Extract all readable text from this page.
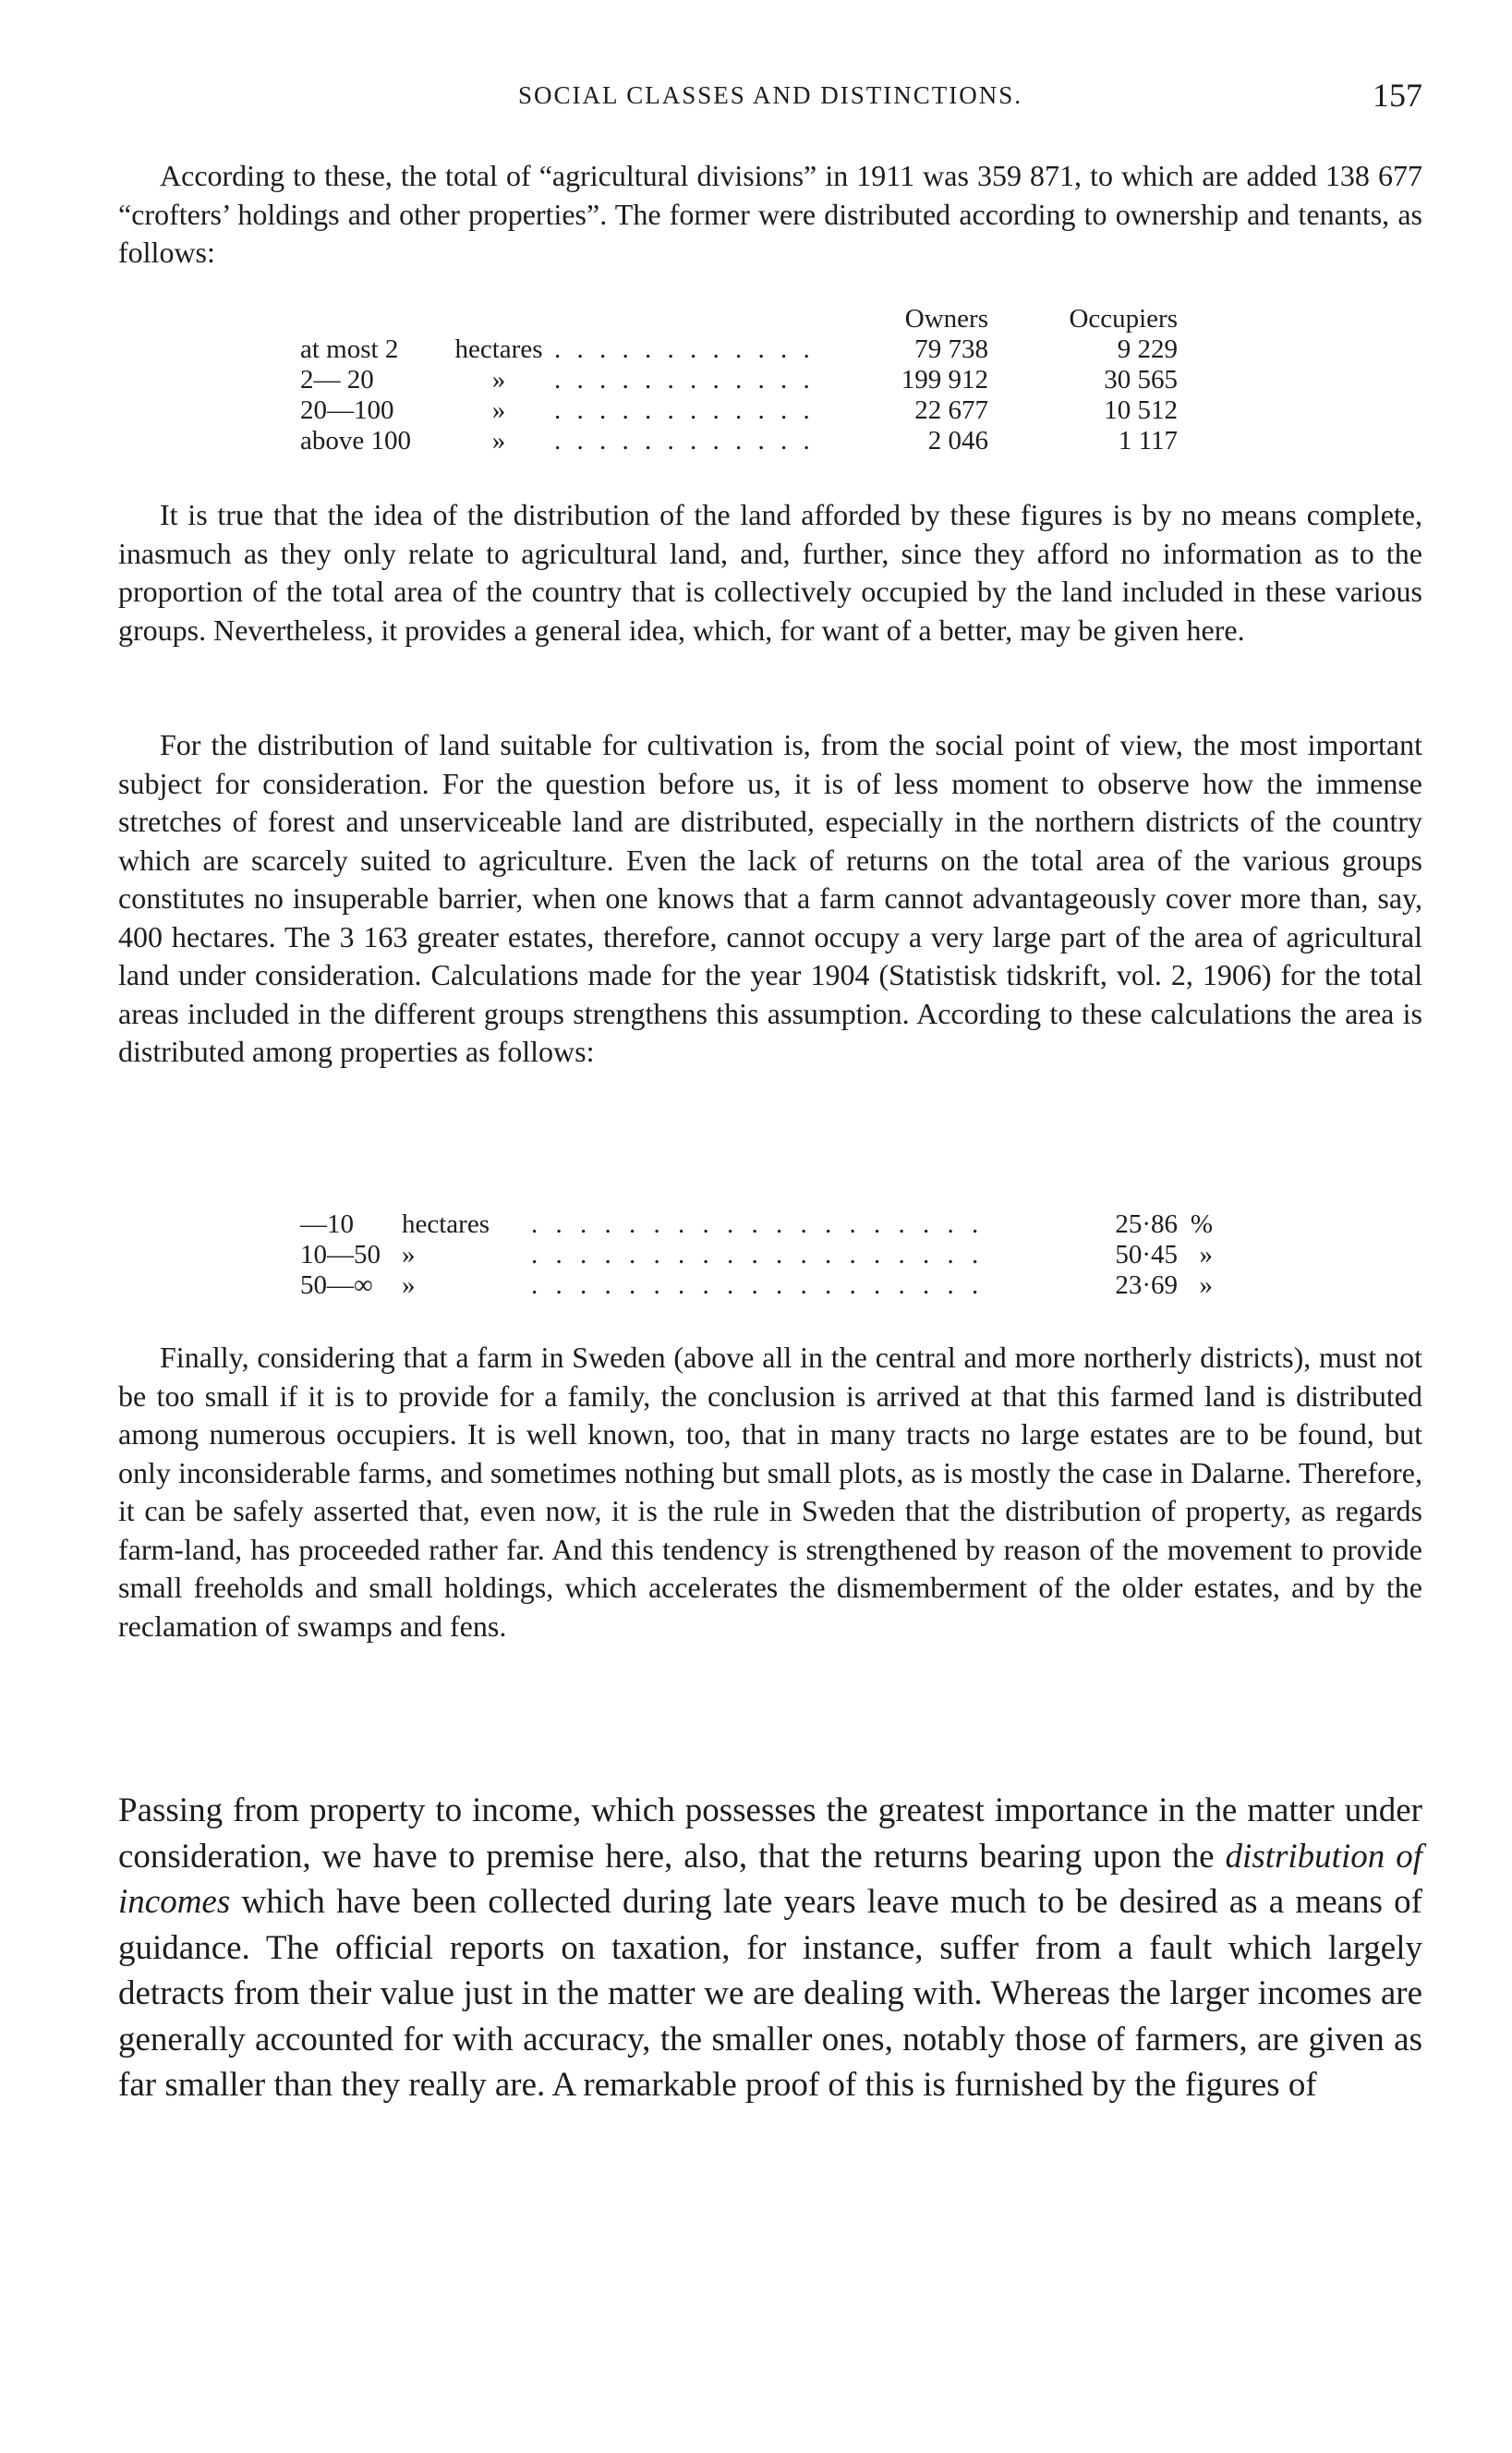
SOCIAL CLASSES AND DISTINCTIONS.	157

According to these, the total of “agricultural divisions” in 1911 was 359 871, to which are added 138 677 “crofters’ holdings and other properties”. The former were distributed according to ownership and tenants, as follows:

			Owners	Occupiers
at most 2	hectares	. . . . . . . . . . . .	79 738	9 229
2— 20	»	. . . . . . . . . . . .	199 912	30 565
20—100	»	. . . . . . . . . . . .	22 677	10 512
above 100	»	. . . . . . . . . . . .	2 046	1 117

It is true that the idea of the distribution of the land afforded by these figures is by no means complete, inasmuch as they only relate to agricultural land, and, further, since they afford no information as to the proportion of the total area of the country that is collectively occupied by the land included in these various groups. Nevertheless, it provides a general idea, which, for want of a better, may be given here.

For the distribution of land suitable for cultivation is, from the social point of view, the most important subject for consideration. For the question before us, it is of less moment to observe how the immense stretches of forest and unserviceable land are distributed, especially in the northern districts of the country which are scarcely suited to agriculture. Even the lack of returns on the total area of the various groups constitutes no insuperable barrier, when one knows that a farm cannot advantageously cover more than, say, 400 hectares. The 3 163 greater estates, therefore, cannot occupy a very large part of the area of agricultural land under consideration. Calculations made for the year 1904 (Statistisk tidskrift, vol. 2, 1906) for the total areas included in the different groups strengthens this assumption. According to these calculations the area is distributed among properties as follows:

—10	hectares	. . . . . . . . . . . . . . . . . . .	25·86	%
10—50	»	. . . . . . . . . . . . . . . . . . .	50·45	»
50—∞	»	. . . . . . . . . . . . . . . . . . .	23·69	»

Finally, considering that a farm in Sweden (above all in the central and more northerly districts), must not be too small if it is to provide for a family, the conclusion is arrived at that this farmed land is distributed among numerous occupiers. It is well known, too, that in many tracts no large estates are to be found, but only inconsiderable farms, and sometimes nothing but small plots, as is mostly the case in Dalarne. Therefore, it can be safely asserted that, even now, it is the rule in Sweden that the distribution of property, as regards farm-land, has proceeded rather far. And this tendency is strengthened by reason of the movement to provide small freeholds and small holdings, which accelerates the dismemberment of the older estates, and by the reclamation of swamps and fens.

Passing from property to income, which possesses the greatest importance in the matter under consideration, we have to premise here, also, that the returns bearing upon the distribution of incomes which have been collected during late years leave much to be desired as a means of guidance. The official reports on taxation, for instance, suffer from a fault which largely detracts from their value just in the matter we are dealing with. Whereas the larger incomes are generally accounted for with accuracy, the smaller ones, notably those of farmers, are given as far smaller than they really are. A remarkable proof of this is furnished by the figures of
